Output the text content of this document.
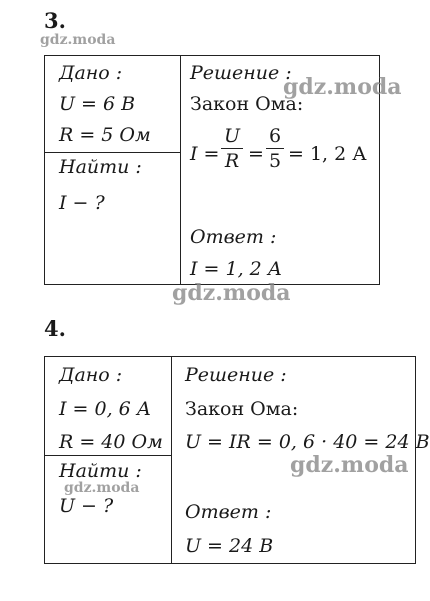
3.
gdz.moda
Дано :
U = 6 В
R = 5 Ом
Найти :
I − ?
Решение :
gdz.moda
Закон Ома:
I =
U
R =
6
5 = 1, 2 А
Ответ :
I = 1, 2 А
gdz.moda
4.
Дано :
I = 0, 6 А
R = 40 Ом
Найти :
gdz.moda
U − ?
Решение :
Закон Ома:
U = IR = 0, 6 · 40 = 24 В
gdz.moda
Ответ :
U = 24 В
